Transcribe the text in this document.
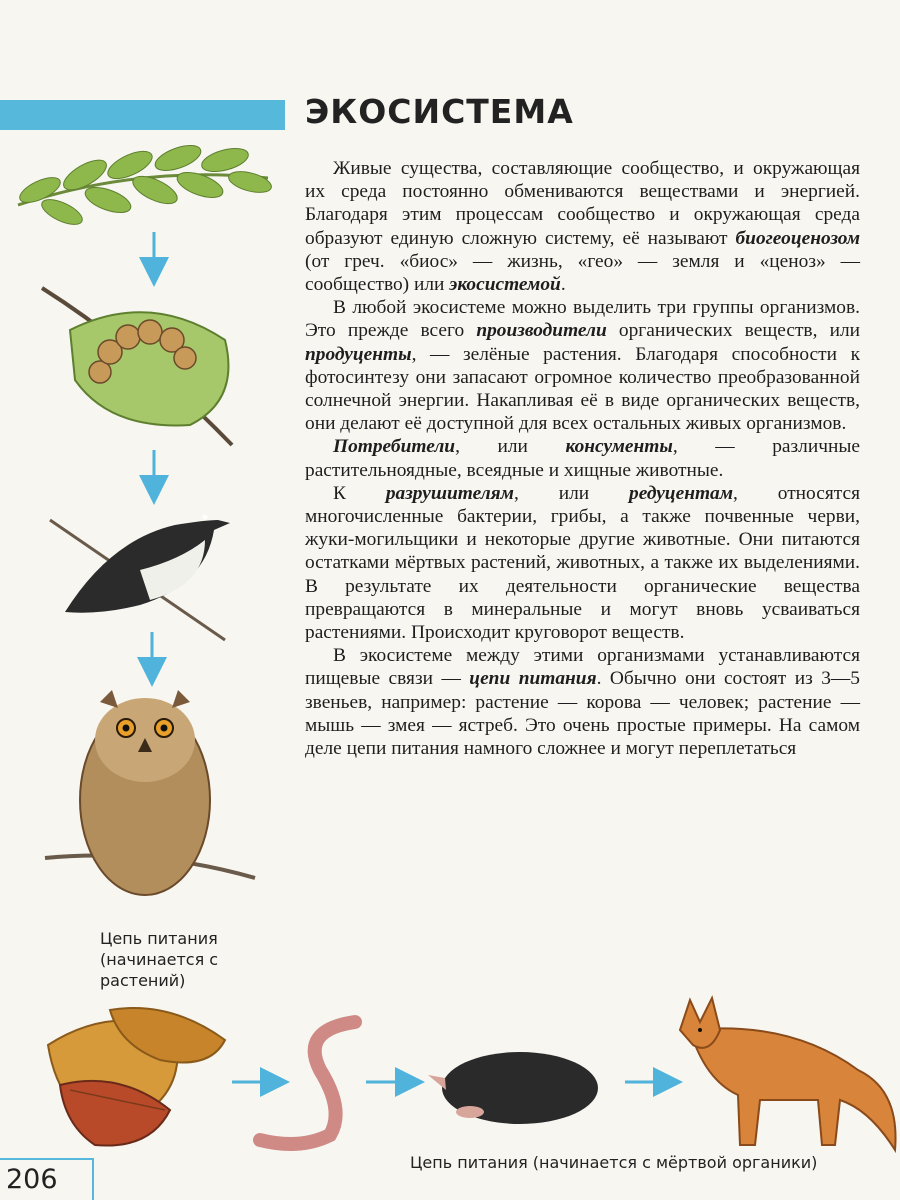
ЭКОСИСТЕМА

Живые существа, составляющие сообщество, и окружающая их среда постоянно обмениваются веществами и энергией. Благодаря этим процессам сообщество и окружающая среда образуют единую сложную систему, её называют биогеоценозом (от греч. «биос» — жизнь, «гео» — земля и «ценоз» — сообщество) или экосистемой.

В любой экосистеме можно выделить три группы организмов. Это прежде всего производители органических веществ, или продуценты, — зелёные растения. Благодаря способности к фотосинтезу они запасают огромное количество преобразованной солнечной энергии. Накапливая её в виде органических веществ, они делают её доступной для всех остальных живых организмов.

Потребители, или консументы, — различные растительноядные, всеядные и хищные животные.

К разрушителям, или редуцентам, относятся многочисленные бактерии, грибы, а также почвенные черви, жуки-могильщики и некоторые другие животные. Они питаются остатками мёртвых растений, животных, а также их выделениями. В результате их деятельности органические вещества превращаются в минеральные и могут вновь усваиваться растениями. Происходит круговорот веществ.

В экосистеме между этими организмами устанавливаются пищевые связи — цепи питания. Обычно они состоят из 3—5 звеньев, например: растение — корова — человек; растение — мышь — змея — ястреб. Это очень простые примеры. На самом деле цепи питания намного сложнее и могут переплетаться

Цепь питания (начинается с растений)
Цепь питания (начинается с мёртвой органики)
206
